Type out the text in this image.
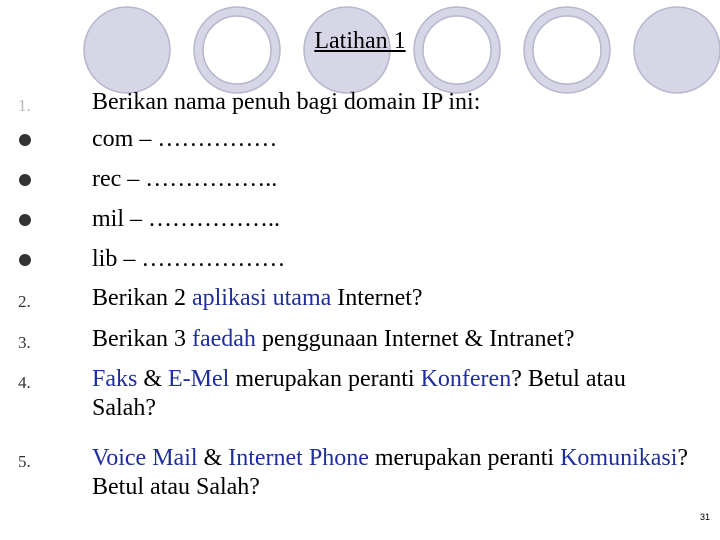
Latihan 1
1.	Berikan nama penuh bagi domain IP ini:
com – ……………
rec – ……………..
mil – ……………..
lib – ………………
2.	Berikan 2 aplikasi utama Internet?
3.	Berikan 3 faedah penggunaan Internet & Intranet?
4.	Faks & E-Mel merupakan peranti Konferen? Betul atau Salah?
5.	Voice Mail & Internet Phone merupakan peranti Komunikasi? Betul atau Salah?
31
